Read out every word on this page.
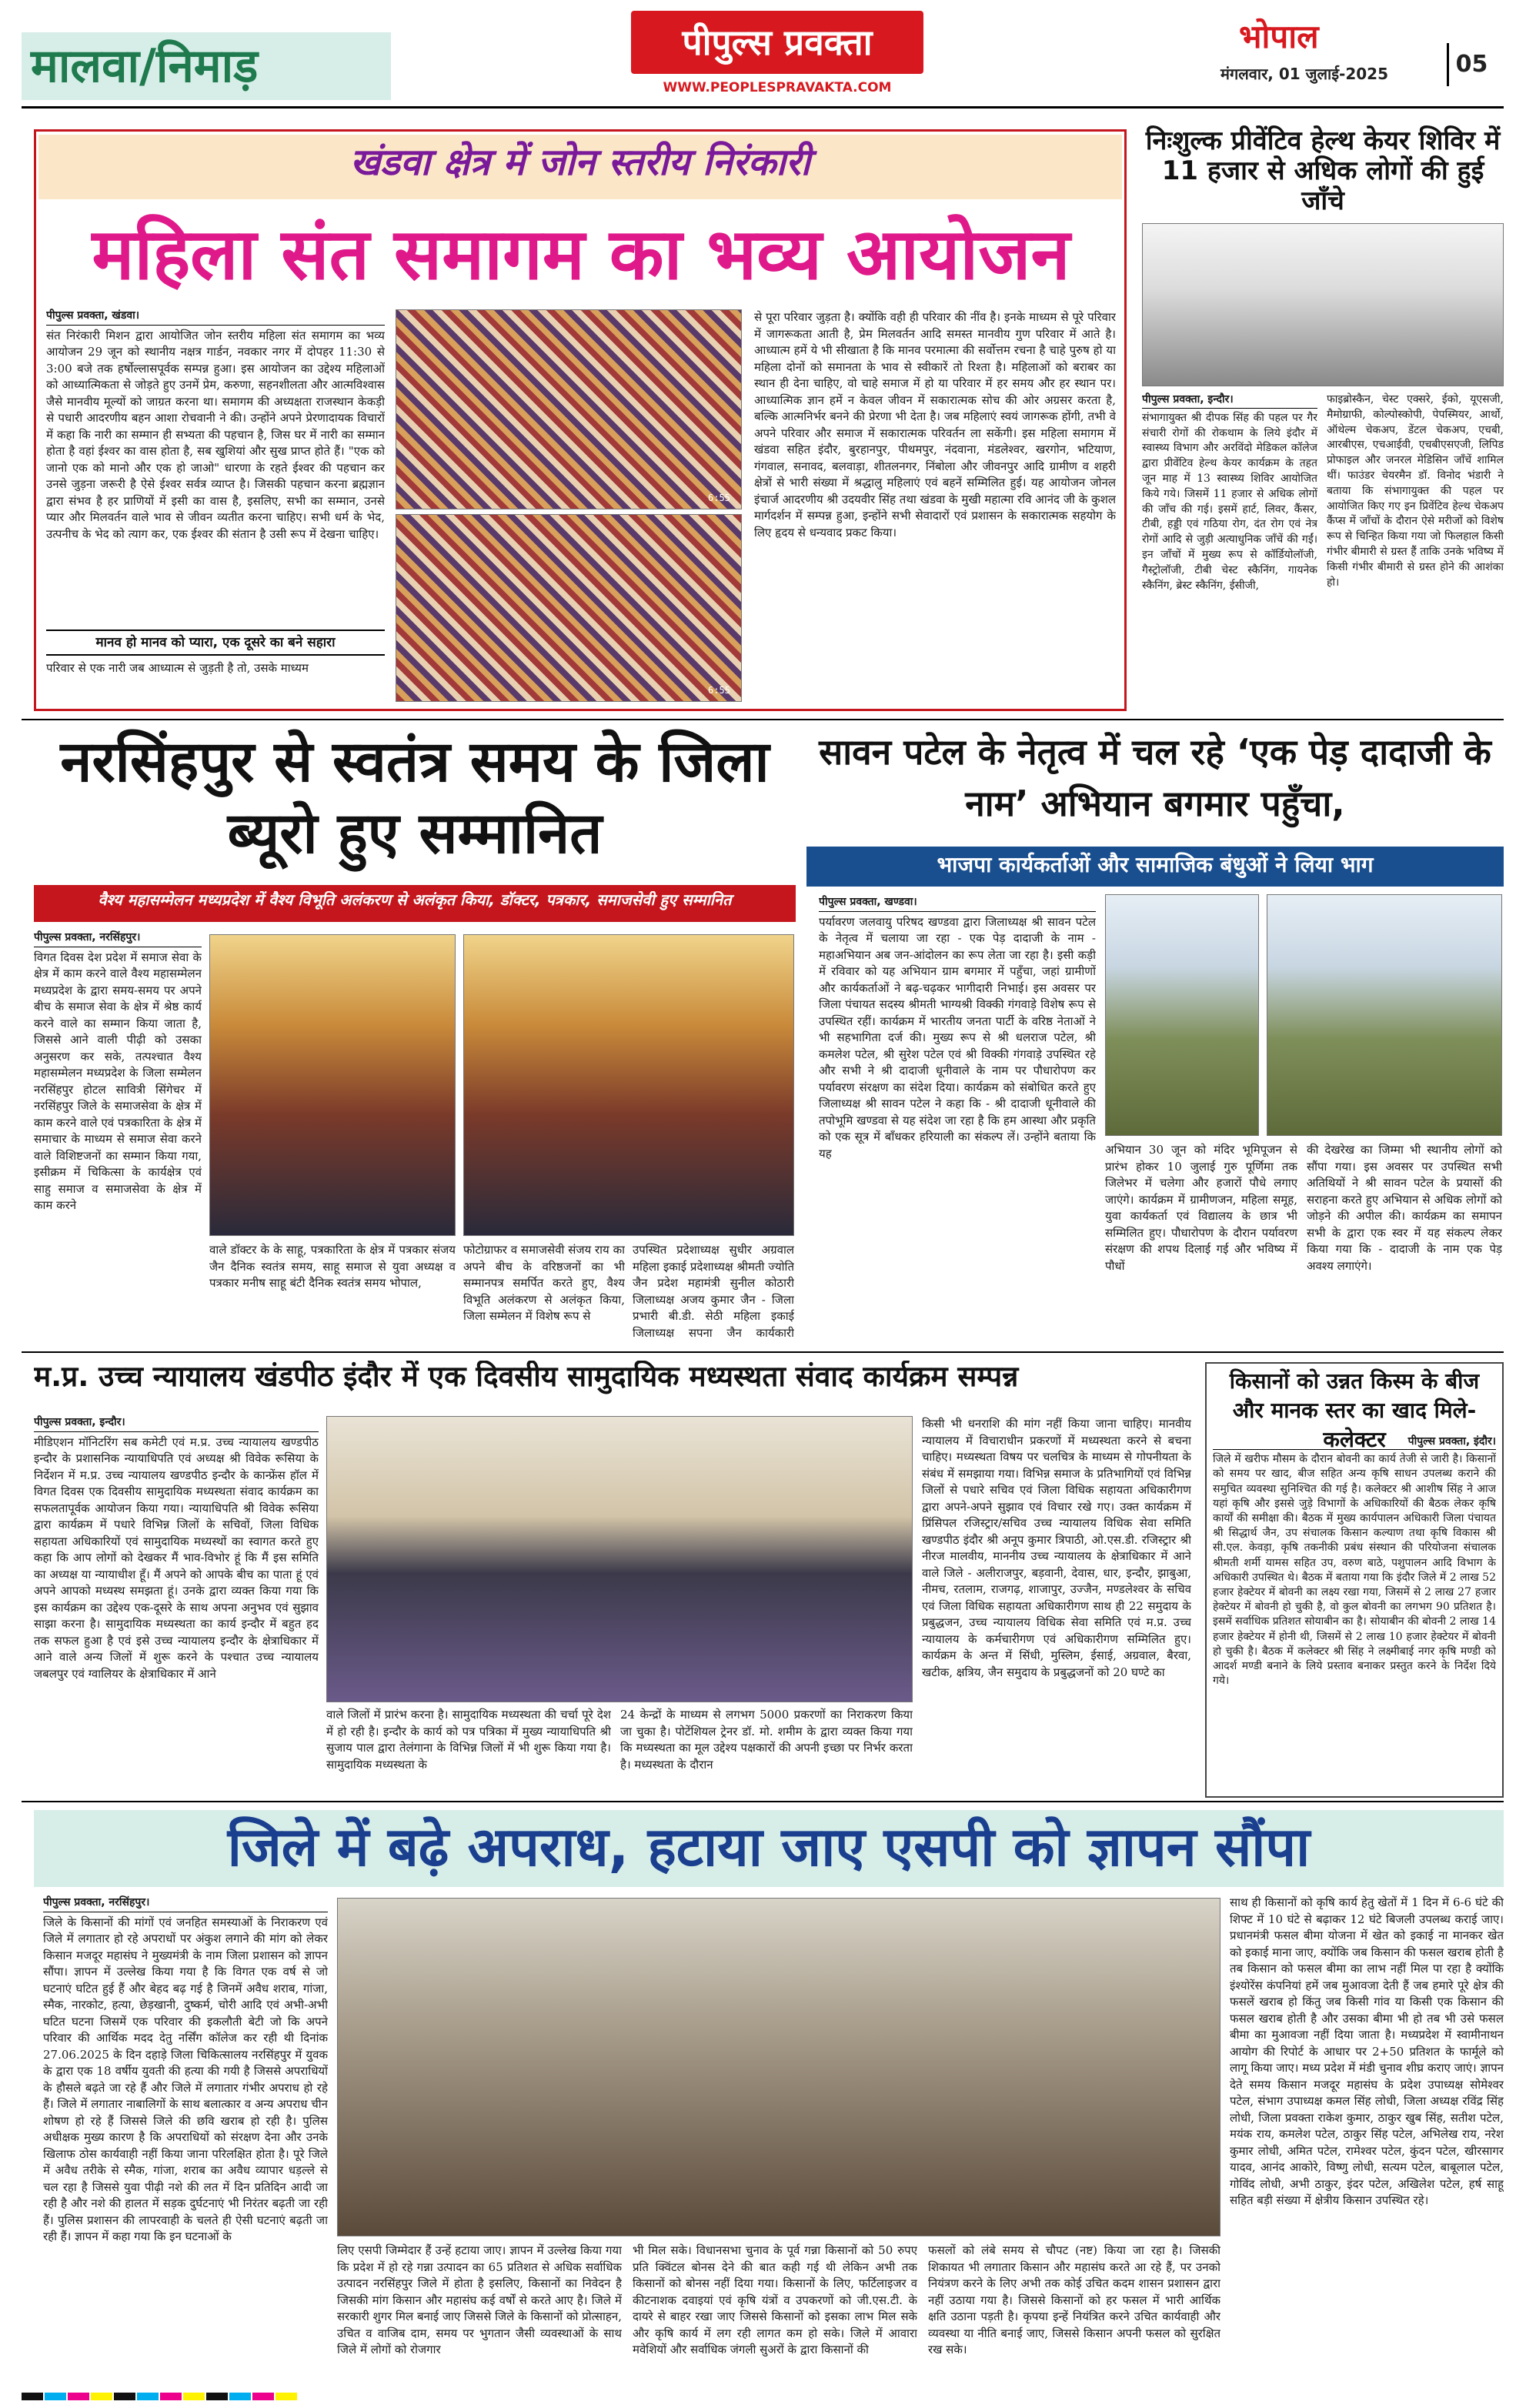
मालवा/निमाड़	पीपुल्स प्रवक्ता
WWW.PEOPLESPRAVAKTA.COM
भोपाल
मंगलवार, 01 जुलाई-2025	05
खंडवा क्षेत्र में जोन स्तरीय निरंकारी
महिला संत समागम का भव्य आयोजन
पीपुल्स प्रवक्ता, खंडवा।
संत निरंकारी मिशन द्वारा आयोजित जोन स्तरीय महिला संत समागम का भव्य आयोजन 29 जून को स्थानीय नक्षत्र गार्डन, नवकार नगर में दोपहर 11:30 से 3:00 बजे तक हर्षोल्लासपूर्वक सम्पन्न हुआ। इस आयोजन का उद्देश्य महिलाओं को आध्यात्मिकता से जोड़ते हुए उनमें प्रेम, करुणा, सहनशीलता और आत्मविश्वास जैसे मानवीय मूल्यों को जाग्रत करना था। समागम की अध्यक्षता राजस्थान केकड़ी से पधारी आदरणीय बहन आशा रोचवानी ने की। उन्होंने अपने प्रेरणादायक विचारों में कहा कि नारी का सम्मान ही सभ्यता की पहचान है, जिस घर में नारी का सम्मान होता है वहां ईश्वर का वास होता है, सब खुशियां और सुख प्राप्त होते हैं। "एक को जानो एक को मानो और एक हो जाओ" धारणा के रहते ईश्वर की पहचान कर उनसे जुड़ना जरूरी है ऐसे ईश्वर सर्वत्र व्याप्त है। जिसकी पहचान करना ब्रह्मज्ञान द्वारा संभव है हर प्राणियों में इसी का वास है, इसलिए, सभी का सम्मान, उनसे प्यार और मिलवर्तन वाले भाव से जीवन व्यतीत करना चाहिए। सभी धर्म के भेद, उत्पनीच के भेद को त्याग कर, एक ईश्वर की संतान है उसी रूप में देखना चाहिए।
मानव हो मानव को प्यारा, एक दूसरे का बने सहारा
परिवार से एक नारी जब आध्यात्म से जुड़ती है तो, उसके माध्यम
6:55
6:55
से पूरा परिवार जुड़ता है। क्योंकि वही ही परिवार की नींव है। इनके माध्यम से पूरे परिवार में जागरूकता आती है, प्रेम मिलवर्तन आदि समस्त मानवीय गुण परिवार में आते है। आध्यात्म हमें ये भी सीखाता है कि मानव परमात्मा की सर्वोत्तम रचना है चाहे पुरुष हो या महिला दोनों को समानता के भाव से स्वीकारें तो रिश्ता है। महिलाओं को बराबर का स्थान ही देना चाहिए, वो चाहे समाज में हो या परिवार में हर समय और हर स्थान पर। आध्यात्मिक ज्ञान हमें न केवल जीवन में सकारात्मक सोच की ओर अग्रसर करता है, बल्कि आत्मनिर्भर बनने की प्रेरणा भी देता है। जब महिलाएं स्वयं जागरूक होंगी, तभी वे अपने परिवार और समाज में सकारात्मक परिवर्तन ला सकेंगी। इस महिला समागम में खंडवा सहित इंदौर, बुरहानपुर, पीथमपुर, नंदवाना, मंडलेश्वर, खरगोन, भटियाण, गंगवाल, सनावद, बलवाड़ा, शीतलनगर, निंबोला और जीवनपुर आदि ग्रामीण व शहरी क्षेत्रों से भारी संख्या में श्रद्धालु महिलाएं एवं बहनें सम्मिलित हुई। यह आयोजन जोनल इंचार्ज आदरणीय श्री उदयवीर सिंह तथा खंडवा के मुखी महात्मा रवि आनंद जी के कुशल मार्गदर्शन में सम्पन्न हुआ, इन्होंने सभी सेवादारों एवं प्रशासन के सकारात्मक सहयोग के लिए हृदय से धन्यवाद प्रकट किया।
निःशुल्क प्रीवेंटिव हेल्थ केयर शिविर में 11 हजार से अधिक लोगों की हुई जाँचे
पीपुल्स प्रवक्ता, इन्दौर।
संभागायुक्त श्री दीपक सिंह की पहल पर गैर संचारी रोगों की रोकथाम के लिये इंदौर में स्वास्थ्य विभाग और अरविंदो मेडिकल कॉलेज द्वारा प्रीवेंटिव हेल्थ केयर कार्यक्रम के तहत जून माह में 13 स्वास्थ्य शिविर आयोजित किये गये। जिसमें 11 हजार से अधिक लोगों की जाँच की गई। इसमें हार्ट, लिवर, कैंसर, टीबी, हड्डी एवं गठिया रोग, दंत रोग एवं नेत्र रोगों आदि से जुड़ी अत्याधुनिक जाँचें की गईं। इन जाँचों में मुख्य रूप से कॉर्डियोलॉजी, गैस्ट्रोलॉजी, टीबी चेस्ट स्कैनिंग, गायनेक स्कैनिंग, ब्रेस्ट स्कैनिंग, ईसीजी,
फाइब्रोस्कैन, चेस्ट एक्सरे, ईको, यूएसजी, मैमोग्राफी, कोल्पोस्कोपी, पेपस्मियर, आर्थो, ऑथेल्म चेकअप, डेंटल चेकअप, एचबी, आरबीएस, एचआईवी, एचबीएसएजी, लिपिड प्रोफाइल और जनरल मेडिसिन जाँचें शामिल थीं। फाउंडर चेयरमैन डॉ. विनोद भंडारी ने बताया कि संभागायुक्त की पहल पर आयोजित किए गए इन प्रिवेंटिव हेल्थ चेकअप कैंप्स में जाँचों के दौरान ऐसे मरीजों को विशेष रूप से चिन्हित किया गया जो फिलहाल किसी गंभीर बीमारी से ग्रस्त हैं ताकि उनके भविष्य में किसी गंभीर बीमारी से ग्रस्त होने की आशंका हो।
नरसिंहपुर से स्वतंत्र समय के जिला ब्यूरो हुए सम्मानित
वैश्य महासम्मेलन मध्यप्रदेश में वैश्य विभूति अलंकरण से अलंकृत किया, डॉक्टर, पत्रकार, समाजसेवी हुए सम्मानित
पीपुल्स प्रवक्ता, नरसिंहपुर।
विगत दिवस देश प्रदेश में समाज सेवा के क्षेत्र में काम करने वाले वैश्य महासम्मेलन मध्यप्रदेश के द्वारा समय-समय पर अपने बीच के समाज सेवा के क्षेत्र में श्रेष्ठ कार्य करने वाले का सम्मान किया जाता है, जिससे आने वाली पीढ़ी को उसका अनुसरण कर सके, तत्पश्चात वैश्य महासम्मेलन मध्यप्रदेश के जिला सम्मेलन नरसिंहपुर होटल सावित्री सिंगेचर में नरसिंहपुर जिले के समाजसेवा के क्षेत्र में काम करने वाले एवं पत्रकारिता के क्षेत्र में समाचार के माध्यम से समाज सेवा करने वाले विशिष्टजनों का सम्मान किया गया, इसीक्रम में चिकित्सा के कार्यक्षेत्र एवं साहु समाज व समाजसेवा के क्षेत्र में काम करने
वाले डॉक्टर के के साहू, पत्रकारिता के क्षेत्र में पत्रकार संजय जैन दैनिक स्वतंत्र समय, साहू समाज से युवा अध्यक्ष व पत्रकार मनीष साहू बंटी दैनिक स्वतंत्र समय भोपाल,
फोटोग्राफर व समाजसेवी संजय राय का अपने बीच के वरिष्ठजनों का भी सम्मानपत्र समर्पित करते हुए, वैश्य विभूति अलंकरण से अलंकृत किया, जिला सम्मेलन में विशेष रूप से
उपस्थित प्रदेशाध्यक्ष सुधीर अग्रवाल महिला इकाई प्रदेशाध्यक्ष श्रीमती ज्योति जैन प्रदेश महामंत्री सुनील कोठारी जिलाध्यक्ष अजय कुमार जैन - जिला प्रभारी बी.डी. सेठी महिला इकाई जिलाध्यक्ष सपना जैन कार्यकारी
सावन पटेल के नेतृत्व में चल रहे ‘एक पेड़ दादाजी के नाम’ अभियान बगमार पहुँचा,
भाजपा कार्यकर्ताओं और सामाजिक बंधुओं ने लिया भाग
पीपुल्स प्रवक्ता, खण्डवा।
पर्यावरण जलवायु परिषद खण्डवा द्वारा जिलाध्यक्ष श्री सावन पटेल के नेतृत्व में चलाया जा रहा - एक पेड़ दादाजी के नाम - महाअभियान अब जन-आंदोलन का रूप लेता जा रहा है। इसी कड़ी में रविवार को यह अभियान ग्राम बगमार में पहुँचा, जहां ग्रामीणों और कार्यकर्ताओं ने बढ़-चढ़कर भागीदारी निभाई। इस अवसर पर जिला पंचायत सदस्य श्रीमती भाग्यश्री विक्की गंगवाड़े विशेष रूप से उपस्थित रहीं। कार्यक्रम में भारतीय जनता पार्टी के वरिष्ठ नेताओं ने भी सहभागिता दर्ज की। मुख्य रूप से श्री धलराज पटेल, श्री कमलेश पटेल, श्री सुरेश पटेल एवं श्री विक्की गंगवाड़े उपस्थित रहे और सभी ने श्री दादाजी धूनीवाले के नाम पर पौधारोपण कर पर्यावरण संरक्षण का संदेश दिया। कार्यक्रम को संबोधित करते हुए जिलाध्यक्ष श्री सावन पटेल ने कहा कि - श्री दादाजी धूनीवाले की तपोभूमि खण्डवा से यह संदेश जा रहा है कि हम आस्था और प्रकृति को एक सूत्र में बाँधकर हरियाली का संकल्प लें। उन्होंने बताया कि यह	अभियान 30 जून को मंदिर भूमिपूजन से प्रारंभ होकर 10 जुलाई गुरु पूर्णिमा तक जिलेभर में चलेगा और हजारों पौधे लगाए जाएंगे। कार्यक्रम में ग्रामीणजन, महिला समूह, युवा कार्यकर्ता एवं विद्यालय के छात्र भी सम्मिलित हुए। पौधारोपण के दौरान पर्यावरण संरक्षण की शपथ दिलाई गई और भविष्य में पौधों
की देखरेख का जिम्मा भी स्थानीय लोगों को सौंपा गया। इस अवसर पर उपस्थित सभी अतिथियों ने श्री सावन पटेल के प्रयासों की सराहना करते हुए अभियान से अधिक लोगों को जोड़ने की अपील की। कार्यक्रम का समापन सभी के द्वारा एक स्वर में यह संकल्प लेकर किया गया कि - दादाजी के नाम एक पेड़ अवश्य लगाएंगे।
म.प्र. उच्च न्यायालय खंडपीठ इंदौर में एक दिवसीय सामुदायिक मध्यस्थता संवाद कार्यक्रम सम्पन्न
पीपुल्स प्रवक्ता, इन्दौर।
मीडिएशन मॉनिटरिंग सब कमेटी एवं म.प्र. उच्च न्यायालय खण्डपीठ इन्दौर के प्रशासनिक न्यायाधिपति एवं अध्यक्ष श्री विवेक रूसिया के निर्देशन में म.प्र. उच्च न्यायालय खण्डपीठ इन्दौर के कान्फ्रेंस हॉल में विगत दिवस एक दिवसीय सामुदायिक मध्यस्थता संवाद कार्यक्रम का सफलतापूर्वक आयोजन किया गया। न्यायाधिपति श्री विवेक रूसिया द्वारा कार्यक्रम में पधारे विभिन्न जिलों के सचिवों, जिला विधिक सहायता अधिकारियों एवं सामुदायिक मध्यस्थों का स्वागत करते हुए कहा कि आप लोगों को देखकर मैं भाव-विभोर हूं कि मैं इस समिति का अध्यक्ष या न्यायाधीश हूँ। मैं अपने को आपके बीच का पाता हूं एवं अपने आपको मध्यस्थ समझता हूं। उनके द्वारा व्यक्त किया गया कि इस कार्यक्रम का उद्देश्य एक-दूसरे के साथ अपना अनुभव एवं सुझाव साझा करना है। सामुदायिक मध्यस्थता का कार्य इन्दौर में बहुत हद तक सफल हुआ है एवं इसे उच्च न्यायालय इन्दौर के क्षेत्राधिकार में आने वाले अन्य जिलों में शुरू करने के पश्चात उच्च न्यायालय जबलपुर एवं ग्वालियर के क्षेत्राधिकार में आने
वाले जिलों में प्रारंभ करना है। सामुदायिक मध्यस्थता की चर्चा पूरे देश में हो रही है। इन्दौर के कार्य को पत्र पत्रिका में मुख्य न्यायाधिपति श्री सुजाय पाल द्वारा तेलंगाना के विभिन्न जिलों में भी शुरू किया गया है। सामुदायिक मध्यस्थता के
24 केन्द्रों के माध्यम से लगभग 5000 प्रकरणों का निराकरण किया जा चुका है। पोटेंशियल ट्रेनर डॉ. मो. शमीम के द्वारा व्यक्त किया गया कि मध्यस्थता का मूल उद्देश्य पक्षकारों की अपनी इच्छा पर निर्भर करता है। मध्यस्थता के दौरान
किसी भी धनराशि की मांग नहीं किया जाना चाहिए। मानवीय न्यायालय में विचाराधीन प्रकरणों में मध्यस्थता करने से बचना चाहिए। मध्यस्थता विषय पर चलचित्र के माध्यम से गोपनीयता के संबंध में समझाया गया। विभिन्न समाज के प्रतिभागियों एवं विभिन्न जिलों से पधारे सचिव एवं जिला विधिक सहायता अधिकारीगण द्वारा अपने-अपने सुझाव एवं विचार रखे गए। उक्त कार्यक्रम में प्रिंसिपल रजिस्ट्रार/सचिव उच्च न्यायालय विधिक सेवा समिति खण्डपीठ इंदौर श्री अनूप कुमार त्रिपाठी, ओ.एस.डी. रजिस्ट्रार श्री नीरज मालवीय, माननीय उच्च न्यायालय के क्षेत्राधिकार में आने वाले जिले - अलीराजपुर, बड़वानी, देवास, धार, इन्दौर, झाबुआ, नीमच, रतलाम, राजगढ़, शाजापुर, उज्जैन, मण्डलेश्वर के सचिव एवं जिला विधिक सहायता अधिकारीगण साथ ही 22 समुदाय के प्रबुद्धजन, उच्च न्यायालय विधिक सेवा समिति एवं म.प्र. उच्च न्यायालय के कर्मचारीगण एवं अधिकारीगण सम्मिलित हुए। कार्यक्रम के अन्त में सिंधी, मुस्लिम, ईसाई, अग्रवाल, बैरवा, खटीक, क्षत्रिय, जैन समुदाय के प्रबुद्धजनों को 20 घण्टे का
किसानों को उन्नत किस्म के बीज और मानक स्तर का खाद मिले- कलेक्टर	पीपुल्स प्रवक्ता, इंदौर।
जिले में खरीफ मौसम के दौरान बोवनी का कार्य तेजी से जारी है। किसानों को समय पर खाद, बीज सहित अन्य कृषि साधन उपलब्ध कराने की समुचित व्यवस्था सुनिश्चित की गई है। कलेक्टर श्री आशीष सिंह ने आज यहां कृषि और इससे जुड़े विभागों के अधिकारियों की बैठक लेकर कृषि कार्यों की समीक्षा की। बैठक में मुख्य कार्यपालन अधिकारी जिला पंचायत श्री सिद्धार्थ जैन, उप संचालक किसान कल्याण तथा कृषि विकास श्री सी.एल. केवड़ा, कृषि तकनीकी प्रबंध संस्थान की परियोजना संचालक श्रीमती शर्मी यामस सहित उप, वरुण बाठे, पशुपालन आदि विभाग के अधिकारी उपस्थित थे। बैठक में बताया गया कि इंदौर जिले में 2 लाख 52 हजार हेक्टेयर में बोवनी का लक्ष्य रखा गया, जिसमें से 2 लाख 27 हजार हेक्टेयर में बोवनी हो चुकी है, वो कुल बोवनी का लगभग 90 प्रतिशत है। इसमें सर्वाधिक प्रतिशत सोयाबीन का है। सोयाबीन की बोवनी 2 लाख 14 हजार हेक्टेयर में होनी थी, जिसमें से 2 लाख 10 हजार हेक्टेयर में बोवनी हो चुकी है। बैठक में कलेक्टर श्री सिंह ने लक्ष्मीबाई नगर कृषि मण्डी को आदर्श मण्डी बनाने के लिये प्रस्ताव बनाकर प्रस्तुत करने के निर्देश दिये गये।
जिले में बढ़े अपराध, हटाया जाए एसपी को ज्ञापन सौंपा
पीपुल्स प्रवक्ता, नरसिंहपुर।
जिले के किसानों की मांगों एवं जनहित समस्याओं के निराकरण एवं जिले में लगातार हो रहे अपराधों पर अंकुश लगाने की मांग को लेकर किसान मजदूर महासंघ ने मुख्यमंत्री के नाम जिला प्रशासन को ज्ञापन सौंपा। ज्ञापन में उल्लेख किया गया है कि विगत एक वर्ष से जो घटनाएं घटित हुई हैं और बेहद बढ़ गई है जिनमें अवैध शराब, गांजा, स्मैक, नारकोट, हत्या, छेड़खानी, दुष्कर्म, चोरी आदि एवं अभी-अभी घटित घटना जिसमें एक परिवार की इकलौती बेटी जो कि अपने परिवार की आर्थिक मदद देतु नर्सिंग कॉलेज कर रही थी दिनांक 27.06.2025 के दिन दहाड़े जिला चिकित्सालय नरसिंहपुर में युवक के द्वारा एक 18 वर्षीय युवती की हत्या की गयी है जिससे अपराधियों के हौसले बढ़ते जा रहे हैं और जिले में लगातार गंभीर अपराध हो रहे हैं। जिले में लगातार नाबालिगों के साथ बलात्कार व अन्य अपराध चीन शोषण हो रहे हैं जिससे जिले की छवि खराब हो रही है। पुलिस अधीक्षक मुख्य कारण है कि अपराधियों को संरक्षण देना और उनके खिलाफ ठोस कार्यवाही नहीं किया जाना परिलक्षित होता है। पूरे जिले में अवैध तरीके से स्मैक, गांजा, शराब का अवैध व्यापार धड़ल्ले से चल रहा है जिससे युवा पीढ़ी नशे की लत में दिन प्रतिदिन आदी जा रही है और नशे की हालत में सड़क दुर्घटनाएं भी निरंतर बढ़ती जा रही हैं। पुलिस प्रशासन की लापरवाही के चलते ही ऐसी घटनाएं बढ़ती जा रही हैं। ज्ञापन में कहा गया कि इन घटनाओं के
लिए एसपी जिम्मेदार हैं उन्हें हटाया जाए। ज्ञापन में उल्लेख किया गया कि प्रदेश में हो रहे गन्ना उत्पादन का 65 प्रतिशत से अधिक सर्वाधिक उत्पादन नरसिंहपुर जिले में होता है इसलिए, किसानों का निवेदन है जिसकी मांग किसान और महासंघ कई वर्षों से करते आए है। जिले में सरकारी शुगर मिल बनाई जाए जिससे जिले के किसानों को प्रोत्साहन, उचित व वाजिब दाम, समय पर भुगतान जैसी व्यवस्थाओं के साथ जिले में लोगों को रोजगार
भी मिल सके। विधानसभा चुनाव के पूर्व गन्ना किसानों को 50 रुपए प्रति क्विंटल बोनस देने की बात कही गई थी लेकिन अभी तक किसानों को बोनस नहीं दिया गया। किसानों के लिए, फर्टिलाइजर व कीटनाशक दवाइयां एवं कृषि यंत्रों व उपकरणों को जी.एस.टी. के दायरे से बाहर रखा जाए जिससे किसानों को इसका लाभ मिल सके और कृषि कार्य में लग रही लागत कम हो सके। जिले में आवारा मवेशियों और सर्वाधिक जंगली सुअरों के द्वारा किसानों की
फसलों को लंबे समय से चौपट (नष्ट) किया जा रहा है। जिसकी शिकायत भी लगातार किसान और महासंघ करते आ रहे हैं, पर उनको नियंत्रण करने के लिए अभी तक कोई उचित कदम शासन प्रशासन द्वारा नहीं उठाया गया है। जिससे किसानों को हर फसल में भारी आर्थिक क्षति उठाना पड़ती है। कृपया इन्हें नियंत्रित करने उचित कार्यवाही और व्यवस्था या नीति बनाई जाए, जिससे किसान अपनी फसल को सुरक्षित रख सके।
साथ ही किसानों को कृषि कार्य हेतु खेतों में 1 दिन में 6-6 घंटे की शिफ्ट में 10 घंटे से बढ़ाकर 12 घंटे बिजली उपलब्ध कराई जाए। प्रधानमंत्री फसल बीमा योजना में खेत को इकाई ना मानकर खेत को इकाई माना जाए, क्योंकि जब किसान की फसल खराब होती है तब किसान को फसल बीमा का लाभ नहीं मिल पा रहा है क्योंकि इंश्योरेंस कंपनियां हमें जब मुआवजा देती हैं जब हमारे पूरे क्षेत्र की फसलें खराब हो किंतु जब किसी गांव या किसी एक किसान की फसल खराब होती है और उसका बीमा भी हो तब भी उसे फसल बीमा का मुआवजा नहीं दिया जाता है। मध्यप्रदेश में स्वामीनाथन आयोग की रिपोर्ट के आधार पर 2+50 प्रतिशत के फार्मूले को लागू किया जाए। मध्य प्रदेश में मंडी चुनाव शीघ्र कराए जाएं। ज्ञापन देते समय किसान मजदूर महासंघ के प्रदेश उपाध्यक्ष सोमेश्वर पटेल, संभाग उपाध्यक्ष कमल सिंह लोधी, जिला अध्यक्ष रविंद्र सिंह लोधी, जिला प्रवक्ता राकेश कुमार, ठाकुर खुब सिंह, सतीश पटेल, मयंक राय, कमलेश पटेल, ठाकुर सिंह पटेल, अभिलेख राय, नरेश कुमार लोधी, अमित पटेल, रामेश्वर पटेल, कुंदन पटेल, खीरसागर यादव, आनंद आकोरे, विष्णु लोधी, सत्यम पटेल, बाबूलाल पटेल, गोविंद लोधी, अभी ठाकुर, इंदर पटेल, अखिलेश पटेल, हर्ष साहू सहित बड़ी संख्या में क्षेत्रीय किसान उपस्थित रहे।
